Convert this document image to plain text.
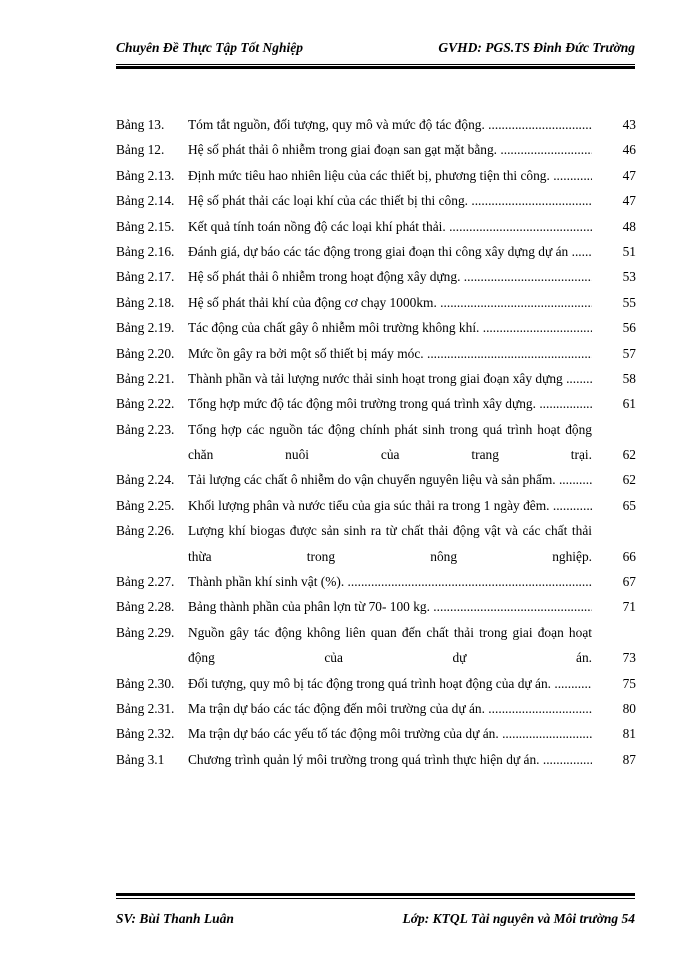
Chuyên Đề Thực Tập Tốt Nghiệp	GVHD: PGS.TS Đinh Đức Trường
Bảng 13. Tóm tắt nguồn, đối tượng, quy mô và mức độ tác động. .....	43
Bảng 12. Hệ số phát thải ô nhiễm trong giai đoạn san gạt mặt bằng. .....	46
Bảng 2.13. Định mức tiêu hao nhiên liệu của các thiết bị, phương tiện thi công. .....	47
Bảng 2.14. Hệ số phát thải các loại khí của các thiết bị thi công. .....	47
Bảng 2.15. Kết quả tính toán nồng độ các loại khí phát thải. .....	48
Bảng 2.16. Đánh giá, dự báo các tác động trong giai đoạn thi công xây dựng dự án .....	51
Bảng 2.17. Hệ số phát thải ô nhiễm trong hoạt động xây dựng. .....	53
Bảng 2.18. Hệ số phát thải khí của động cơ chạy 1000km. .....	55
Bảng 2.19. Tác động của chất gây ô nhiễm môi trường không khí. .....	56
Bảng 2.20. Mức ồn gây ra bởi một số thiết bị máy móc. .....	57
Bảng 2.21. Thành phần và tải lượng nước thải sinh hoạt trong giai đoạn xây dựng .....	58
Bảng 2.22. Tổng hợp mức độ tác động môi trường trong quá trình xây dựng. .....	61
Bảng 2.23. Tổng hợp các nguồn tác động chính phát sinh trong quá trình hoạt động chăn nuôi của trang trại. .....	62
Bảng 2.24. Tải lượng các chất ô nhiễm do vận chuyển nguyên liệu và sản phẩm. .....	62
Bảng 2.25. Khối lượng phân và nước tiểu của gia súc thải ra trong 1 ngày đêm. .....	65
Bảng 2.26. Lượng khí biogas được sản sinh ra từ chất thải động vật và các chất thải thừa trong nông nghiệp. .....	66
Bảng 2.27. Thành phần khí sinh vật (%). .....	67
Bảng 2.28. Bảng thành phần của phân lợn từ 70- 100 kg. .....	71
Bảng 2.29. Nguồn gây tác động không liên quan đến chất thải trong giai đoạn hoạt động của dự án. .....	73
Bảng 2.30. Đối tượng, quy mô bị tác động trong quá trình hoạt động của dự án. .....	75
Bảng 2.31. Ma trận dự báo các tác động đến môi trường của dự án. .....	80
Bảng 2.32. Ma trận dự báo các yếu tố tác động môi trường của dự án. .....	81
Bảng 3.1 Chương trình quản lý môi trường trong quá trình thực hiện dự án. .....	87
SV: Bùi Thanh Luân	Lớp: KTQL Tài nguyên và Môi trường 54
